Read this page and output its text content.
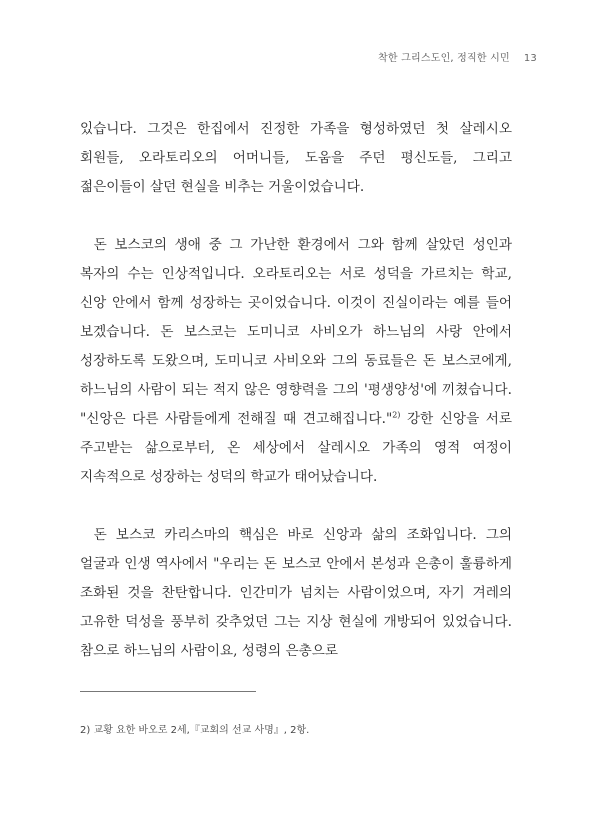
착한 그리스도인, 정직한 시민 13

있습니다. 그것은 한집에서 진정한 가족을 형성하였던 첫 살레시오 회원들, 오라토리오의 어머니들, 도움을 주던 평신도들, 그리고 젊은이들이 살던 현실을 비추는 거울이었습니다.

돈 보스코의 생애 중 그 가난한 환경에서 그와 함께 살았던 성인과 복자의 수는 인상적입니다. 오라토리오는 서로 성덕을 가르치는 학교, 신앙 안에서 함께 성장하는 곳이었습니다. 이것이 진실이라는 예를 들어 보겠습니다. 돈 보스코는 도미니코 사비오가 하느님의 사랑 안에서 성장하도록 도왔으며, 도미니코 사비오와 그의 동료들은 돈 보스코에게, 하느님의 사람이 되는 적지 않은 영향력을 그의 '평생양성'에 끼쳤습니다. "신앙은 다른 사람들에게 전해질 때 견고해집니다."$^{2)}$ 강한 신앙을 서로 주고받는 삶으로부터, 온 세상에서 살레시오 가족의 영적 여정이 지속적으로 성장하는 성덕의 학교가 태어났습니다.

돈 보스코 카리스마의 핵심은 바로 신앙과 삶의 조화입니다. 그의 얼굴과 인생 역사에서 "우리는 돈 보스코 안에서 본성과 은총이 훌륭하게 조화된 것을 찬탄합니다. 인간미가 넘치는 사람이었으며, 자기 겨레의 고유한 덕성을 풍부히 갖추었던 그는 지상 현실에 개방되어 있었습니다. 참으로 하느님의 사람이요, 성령의 은총으로

2) 교황 요한 바오로 2세,『교회의 선교 사명』, 2항.
